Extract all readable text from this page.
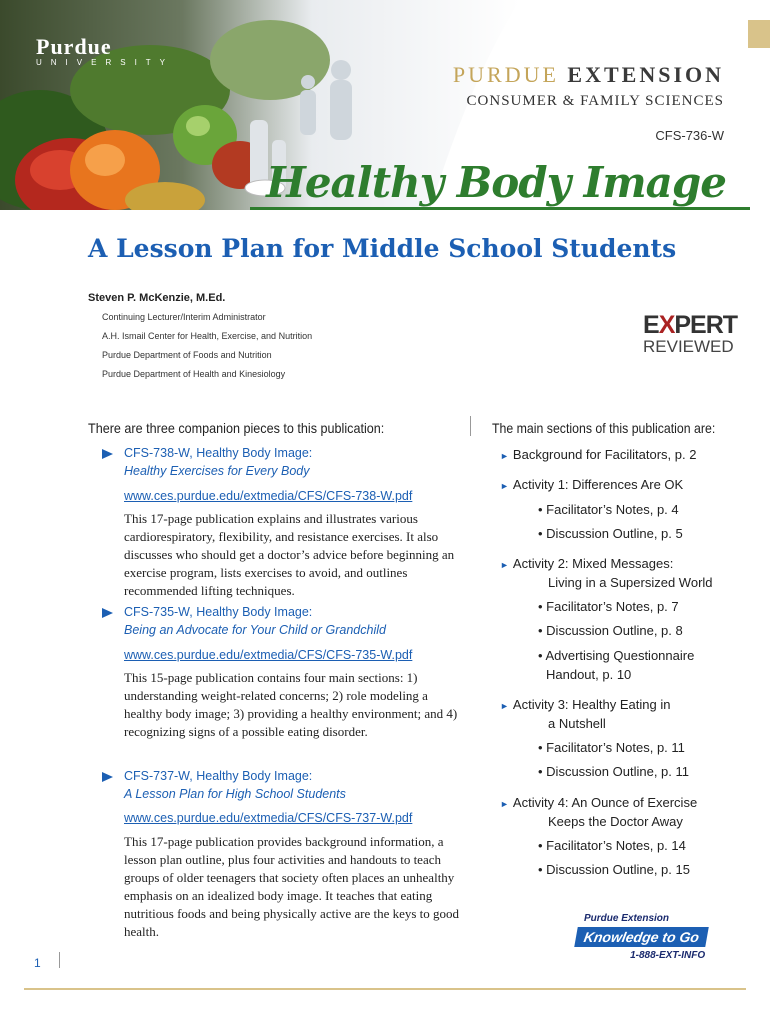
Purdue
UNIVERSITY	PURDUE EXTENSION
CONSUMER & FAMILY SCIENCES
CFS-736-W
Healthy Body Image
A Lesson Plan for Middle School Students
Steven P. McKenzie, M.Ed.
Continuing Lecturer/Interim Administrator
A.H. Ismail Center for Health, Exercise, and Nutrition
Purdue Department of Foods and Nutrition
Purdue Department of Health and Kinesiology
EXPERT
REVIEWED
There are three companion pieces to this publication:
CFS-738-W, Healthy Body Image:
Healthy Exercises for Every Body
www.ces.purdue.edu/extmedia/CFS/CFS-738-W.pdf
This 17-page publication explains and illustrates various cardiorespiratory, flexibility, and resistance exercises. It also discusses who should get a doctor’s advice before beginning an exercise program, lists exercises to avoid, and outlines recommended lifting techniques.
CFS-735-W, Healthy Body Image:
Being an Advocate for Your Child or Grandchild
www.ces.purdue.edu/extmedia/CFS/CFS-735-W.pdf
This 15-page publication contains four main sections: 1) understanding weight-related concerns; 2) role modeling a healthy body image; 3) providing a healthy environment; and 4) recognizing signs of a possible eating disorder.
CFS-737-W, Healthy Body Image:
A Lesson Plan for High School Students
www.ces.purdue.edu/extmedia/CFS/CFS-737-W.pdf
This 17-page publication provides background information, a lesson plan outline, plus four activities and handouts to teach groups of older teenagers that society often places an unhealthy emphasis on an idealized body image. It teaches that eating nutritious foods and being physically active are the keys to good health.
The main sections of this publication are:
► Background for Facilitators, p. 2
► Activity 1: Differences Are OK
• Facilitator’s Notes, p. 4
• Discussion Outline, p. 5
► Activity 2: Mixed Messages:
Living in a Supersized World
• Facilitator’s Notes, p. 7
• Discussion Outline, p. 8
• Advertising Questionnaire
Handout, p. 10
► Activity 3: Healthy Eating in
a Nutshell
• Facilitator’s Notes, p. 11
• Discussion Outline, p. 11
► Activity 4: An Ounce of Exercise
Keeps the Doctor Away
• Facilitator’s Notes, p. 14
• Discussion Outline, p. 15
Purdue Extension
Knowledge to Go
1-888-EXT-INFO
1
